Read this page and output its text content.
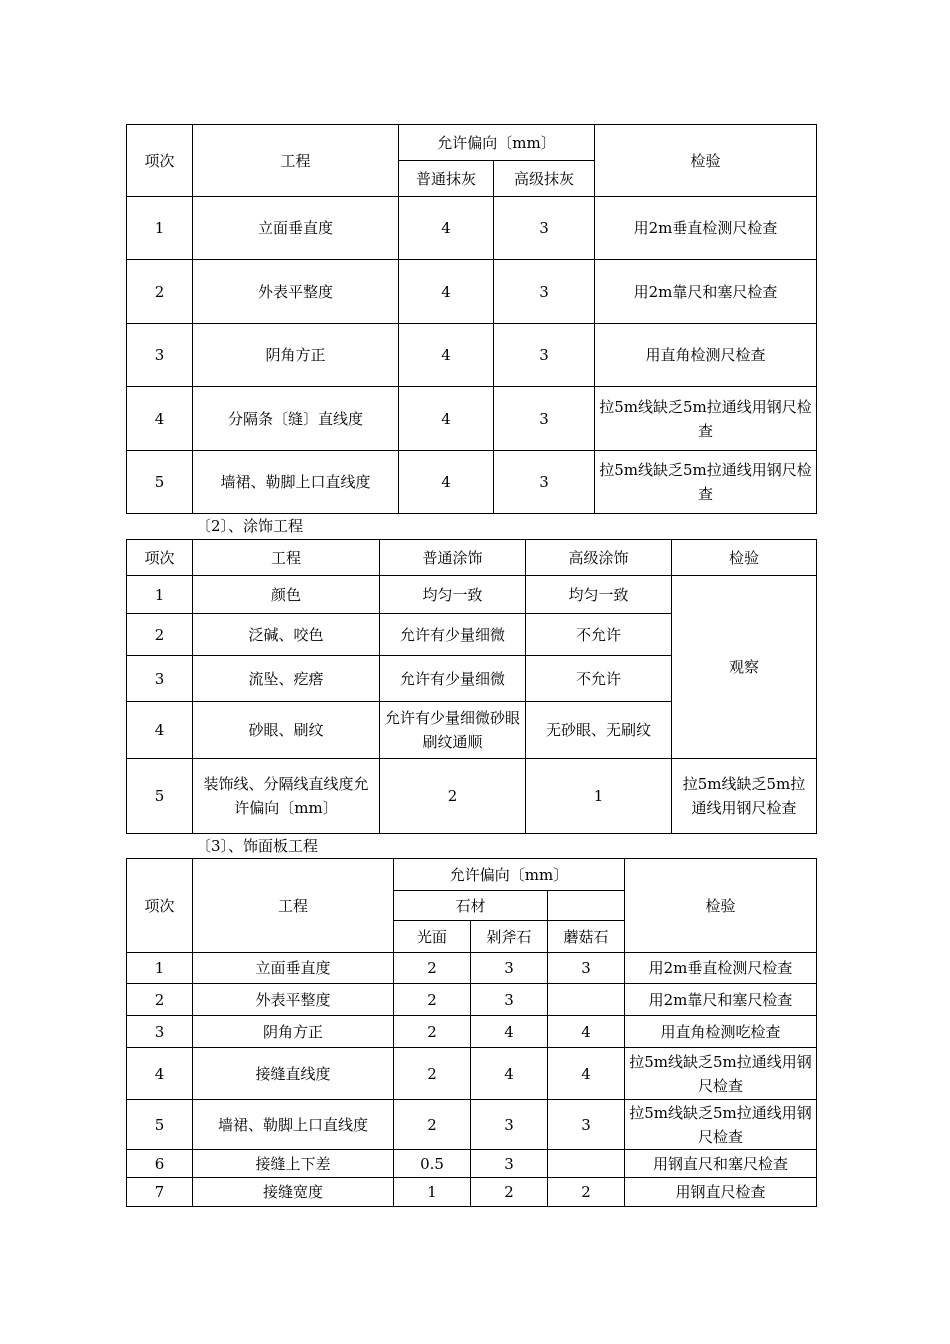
项次	工程	允许偏向〔mm〕		检验
		普通抹灰	高级抹灰	
1	立面垂直度	4	3	用2m垂直检测尺检查
2	外表平整度	4	3	用2m靠尺和塞尺检查
3	阴角方正	4	3	用直角检测尺检查
4	分隔条〔缝〕直线度	4	3	拉5m线缺乏5m拉通线用钢尺检查
5	墙裙、勒脚上口直线度	4	3	拉5m线缺乏5m拉通线用钢尺检查
〔2〕、涂饰工程
项次	工程	普通涂饰	高级涂饰	检验
1	颜色	均匀一致	均匀一致	观察
2	泛碱、咬色	允许有少量细微	不允许	
3	流坠、疙瘩	允许有少量细微	不允许	
4	砂眼、刷纹	允许有少量细微砂眼刷纹通顺	无砂眼、无刷纹	
5	装饰线、分隔线直线度允许偏向〔mm〕	2	1	拉5m线缺乏5m拉通线用钢尺检查
〔3〕、饰面板工程
项次	工程	允许偏向〔mm〕			检验
		石材			
		光面	剁斧石	蘑菇石	
1	立面垂直度	2	3	3	用2m垂直检测尺检查
2	外表平整度	2	3		用2m靠尺和塞尺检查
3	阴角方正	2	4	4	用直角检测吃检查
4	接缝直线度	2	4	4	拉5m线缺乏5m拉通线用钢尺检查
5	墙裙、勒脚上口直线度	2	3	3	拉5m线缺乏5m拉通线用钢尺检查
6	接缝上下差	0.5	3		用钢直尺和塞尺检查
7	接缝宽度	1	2	2	用钢直尺检查
